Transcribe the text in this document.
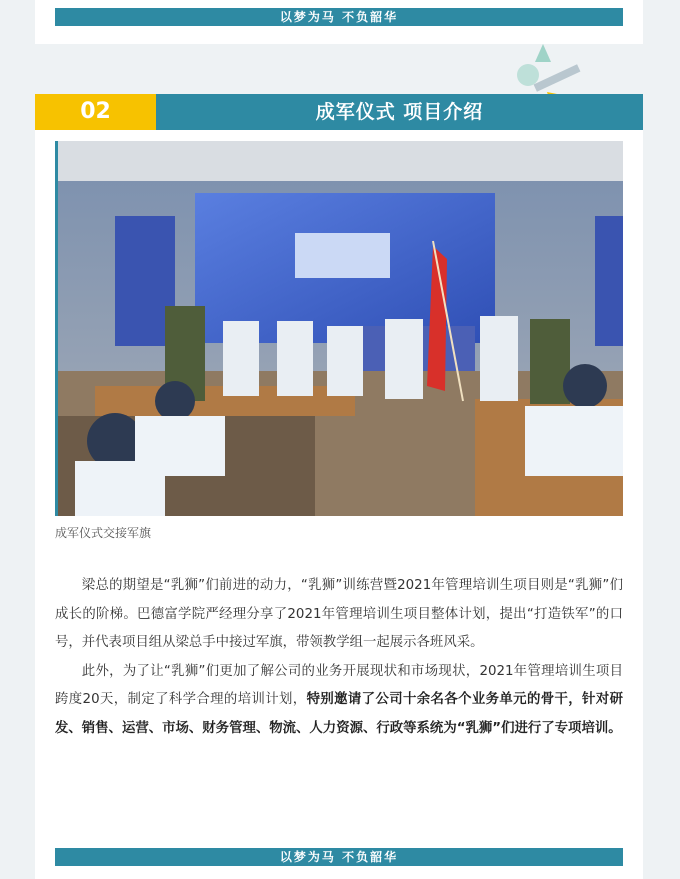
以梦为马 不负韶华
02	成军仪式 项目介绍
成军仪式交接军旗

梁总的期望是“乳狮”们前进的动力，“乳狮”训练营暨2021年管理培训生项目则是“乳狮”们成长的阶梯。巴德富学院严经理分享了2021年管理培训生项目整体计划，提出“打造铁军”的口号，并代表项目组从梁总手中接过军旗，带领教学组一起展示各班风采。

此外，为了让“乳狮”们更加了解公司的业务开展现状和市场现状，2021年管理培训生项目跨度20天，制定了科学合理的培训计划，特别邀请了公司十余名各个业务单元的骨干，针对研发、销售、运营、市场、财务管理、物流、人力资源、行政等系统为“乳狮”们进行了专项培训。

以梦为马 不负韶华
